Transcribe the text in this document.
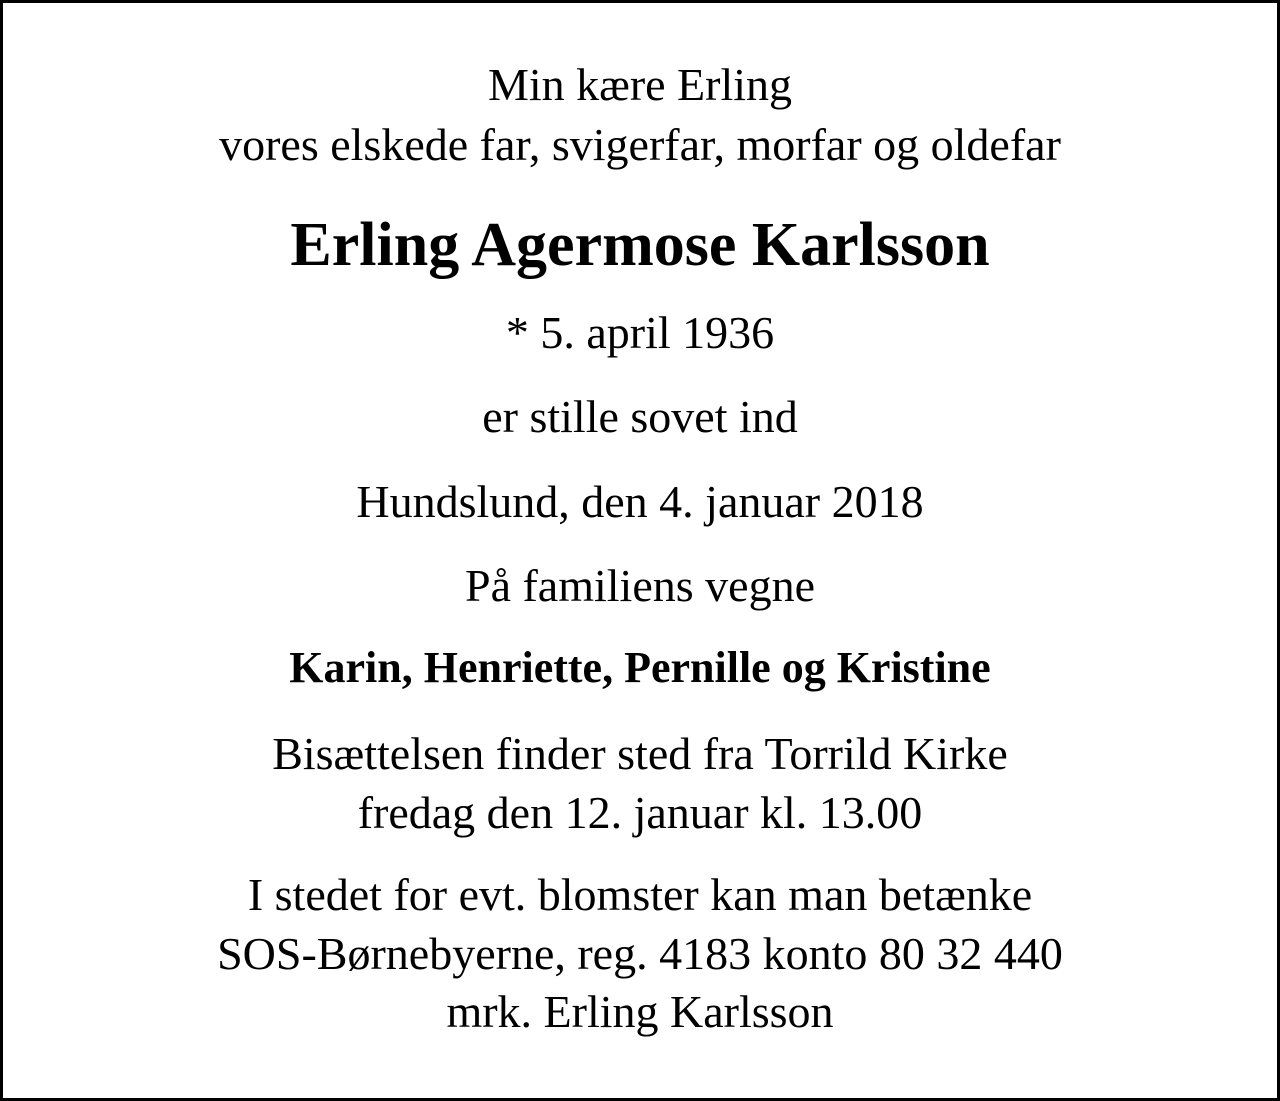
Min kære Erling

vores elskede far, svigerfar, morfar og oldefar

Erling Agermose Karlsson

* 5. april 1936

er stille sovet ind

Hundslund, den 4. januar 2018

På familiens vegne

Karin, Henriette, Pernille og Kristine

Bisættelsen finder sted fra Torrild Kirke

fredag den 12. januar kl. 13.00

I stedet for evt. blomster kan man betænke

SOS-Børnebyerne, reg. 4183 konto 80 32 440

mrk. Erling Karlsson
